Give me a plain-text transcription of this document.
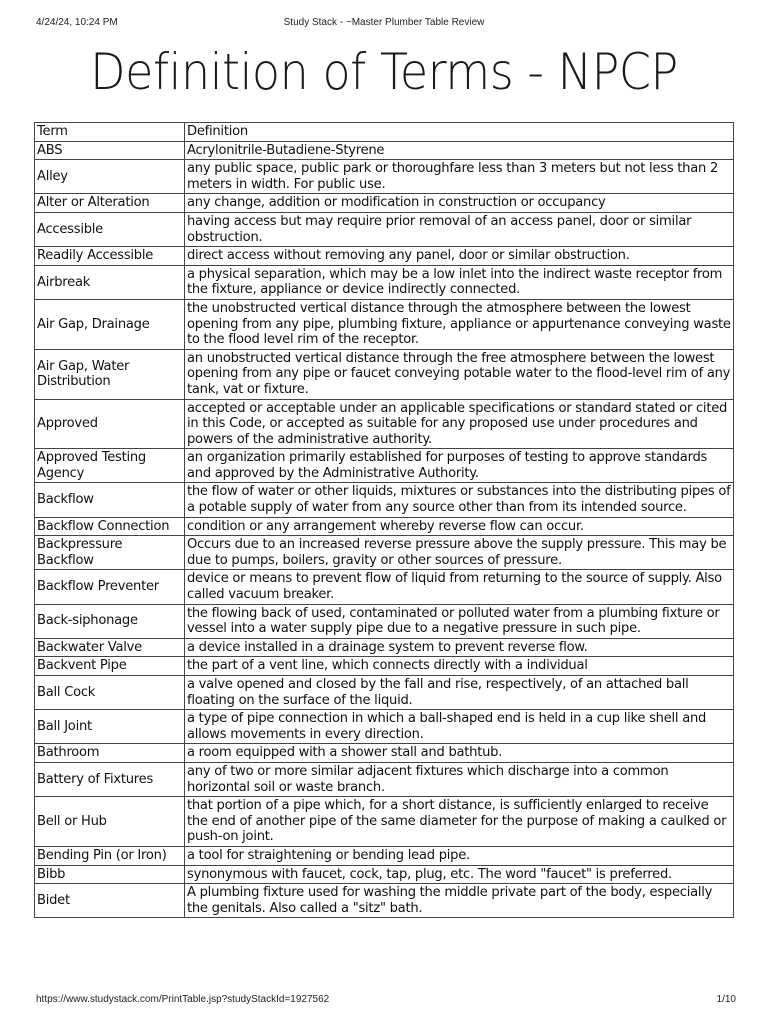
4/24/24, 10:24 PM	Study Stack - ~Master Plumber Table Review
Definition of Terms - NPCP
Term	Definition
ABS	Acrylonitrile-Butadiene-Styrene
Alley	any public space, public park or thoroughfare less than 3 meters but not less than 2 meters in width. For public use.
Alter or Alteration	any change, addition or modification in construction or occupancy
Accessible	having access but may require prior removal of an access panel, door or similar obstruction.
Readily Accessible	direct access without removing any panel, door or similar obstruction.
Airbreak	a physical separation, which may be a low inlet into the indirect waste receptor from the fixture, appliance or device indirectly connected.
Air Gap, Drainage	the unobstructed vertical distance through the atmosphere between the lowest opening from any pipe, plumbing fixture, appliance or appurtenance conveying waste to the flood level rim of the receptor.
Air Gap, Water Distribution	an unobstructed vertical distance through the free atmosphere between the lowest opening from any pipe or faucet conveying potable water to the flood-level rim of any tank, vat or fixture.
Approved	accepted or acceptable under an applicable specifications or standard stated or cited in this Code, or accepted as suitable for any proposed use under procedures and powers of the administrative authority.
Approved Testing Agency	an organization primarily established for purposes of testing to approve standards and approved by the Administrative Authority.
Backflow	the flow of water or other liquids, mixtures or substances into the distributing pipes of a potable supply of water from any source other than from its intended source.
Backflow Connection	condition or any arrangement whereby reverse flow can occur.
Backpressure Backflow	Occurs due to an increased reverse pressure above the supply pressure. This may be due to pumps, boilers, gravity or other sources of pressure.
Backflow Preventer	device or means to prevent flow of liquid from returning to the source of supply. Also called vacuum breaker.
Back-siphonage	the flowing back of used, contaminated or polluted water from a plumbing fixture or vessel into a water supply pipe due to a negative pressure in such pipe.
Backwater Valve	a device installed in a drainage system to prevent reverse flow.
Backvent Pipe	the part of a vent line, which connects directly with a individual
Ball Cock	a valve opened and closed by the fall and rise, respectively, of an attached ball floating on the surface of the liquid.
Ball Joint	a type of pipe connection in which a ball-shaped end is held in a cup like shell and allows movements in every direction.
Bathroom	a room equipped with a shower stall and bathtub.
Battery of Fixtures	any of two or more similar adjacent fixtures which discharge into a common horizontal soil or waste branch.
Bell or Hub	that portion of a pipe which, for a short distance, is sufficiently enlarged to receive the end of another pipe of the same diameter for the purpose of making a caulked or push-on joint.
Bending Pin (or Iron)	a tool for straightening or bending lead pipe.
Bibb	synonymous with faucet, cock, tap, plug, etc. The word "faucet" is preferred.
Bidet	A plumbing fixture used for washing the middle private part of the body, especially the genitals. Also called a "sitz" bath.
https://www.studystack.com/PrintTable.jsp?studyStackId=1927562	1/10
